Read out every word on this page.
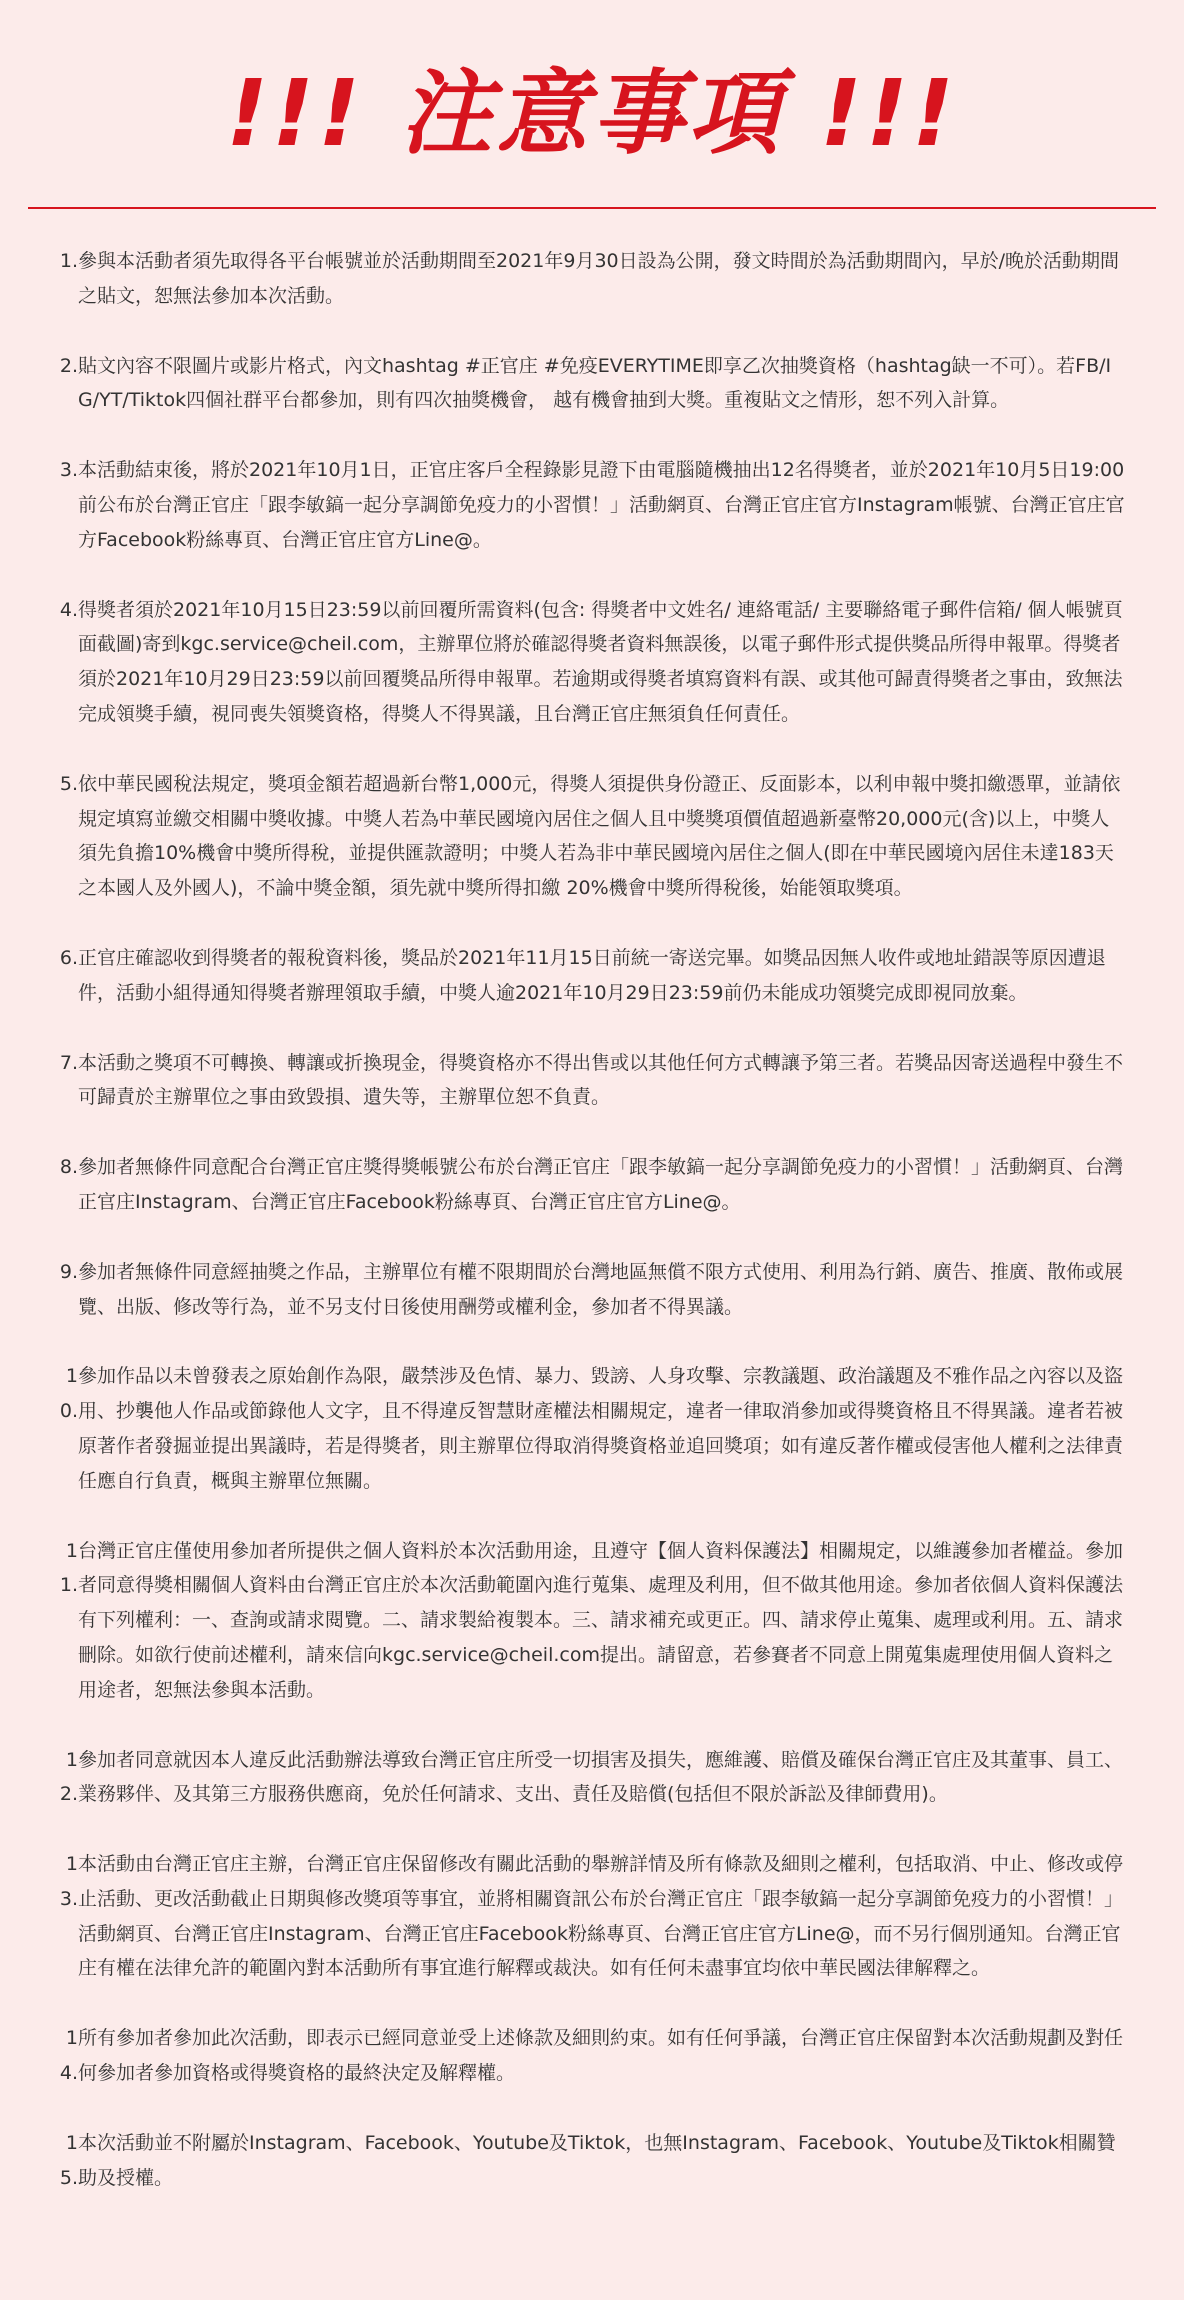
!!! 注意事項 !!!
1. 參與本活動者須先取得各平台帳號並於活動期間至2021年9月30日設為公開，發文時間於為活動期間內，早於/晚於活動期間之貼文，恕無法參加本次活動。
2. 貼文內容不限圖片或影片格式，內文hashtag #正官庄 #免疫EVERYTIME即享乙次抽獎資格（hashtag缺一不可）。若FB/IG/YT/Tiktok四個社群平台都參加，則有四次抽獎機會， 越有機會抽到大獎。重複貼文之情形，恕不列入計算。
3. 本活動結束後，將於2021年10月1日，正官庄客戶全程錄影見證下由電腦隨機抽出12名得獎者，並於2021年10月5日19:00前公布於台灣正官庄「跟李敏鎬一起分享調節免疫力的小習慣！」活動網頁、台灣正官庄官方Instagram帳號、台灣正官庄官方Facebook粉絲專頁、台灣正官庄官方Line@。
4. 得獎者須於2021年10月15日23:59以前回覆所需資料(包含: 得獎者中文姓名/ 連絡電話/ 主要聯絡電子郵件信箱/ 個人帳號頁面截圖)寄到kgc.service@cheil.com，主辦單位將於確認得獎者資料無誤後，以電子郵件形式提供獎品所得申報單。得獎者須於2021年10月29日23:59以前回覆獎品所得申報單。若逾期或得獎者填寫資料有誤、或其他可歸責得獎者之事由，致無法完成領獎手續，視同喪失領獎資格，得獎人不得異議，且台灣正官庄無須負任何責任。
5. 依中華民國稅法規定，獎項金額若超過新台幣1,000元，得獎人須提供身份證正、反面影本，以利申報中獎扣繳憑單，並請依規定填寫並繳交相關中獎收據。中獎人若為中華民國境內居住之個人且中獎獎項價值超過新臺幣20,000元(含)以上，中獎人須先負擔10%機會中獎所得稅，並提供匯款證明；中獎人若為非中華民國境內居住之個人(即在中華民國境內居住未達183天之本國人及外國人)，不論中獎金額，須先就中獎所得扣繳 20%機會中獎所得稅後，始能領取獎項。
6. 正官庄確認收到得獎者的報稅資料後，獎品於2021年11月15日前統一寄送完畢。如獎品因無人收件或地址錯誤等原因遭退件，活動小組得通知得獎者辦理領取手續，中獎人逾2021年10月29日23:59前仍未能成功領獎完成即視同放棄。
7. 本活動之獎項不可轉換、轉讓或折換現金，得獎資格亦不得出售或以其他任何方式轉讓予第三者。若獎品因寄送過程中發生不可歸責於主辦單位之事由致毀損、遺失等，主辦單位恕不負責。
8. 參加者無條件同意配合台灣正官庄獎得獎帳號公布於台灣正官庄「跟李敏鎬一起分享調節免疫力的小習慣！」活動網頁、台灣正官庄Instagram、台灣正官庄Facebook粉絲專頁、台灣正官庄官方Line@。
9. 參加者無條件同意經抽獎之作品，主辦單位有權不限期間於台灣地區無償不限方式使用、利用為行銷、廣告、推廣、散佈或展覽、出版、修改等行為，並不另支付日後使用酬勞或權利金，參加者不得異議。
10.
參加作品以未曾發表之原始創作為限，嚴禁涉及色情、暴力、毀謗、人身攻擊、宗教議題、政治議題及不雅作品之內容以及盜用、抄襲他人作品或節錄他人文字，且不得違反智慧財產權法相關規定，違者一律取消參加或得獎資格且不得異議。違者若被原著作者發掘並提出異議時，若是得獎者，則主辦單位得取消得獎資格並追回獎項；如有違反著作權或侵害他人權利之法律責任應自行負責，概與主辦單位無關。
11.
台灣正官庄僅使用參加者所提供之個人資料於本次活動用途，且遵守【個人資料保護法】相關規定，以維護參加者權益。參加者同意得獎相關個人資料由台灣正官庄於本次活動範圍內進行蒐集、處理及利用，但不做其他用途。參加者依個人資料保護法有下列權利：一、查詢或請求閱覽。二、請求製給複製本。三、請求補充或更正。四、請求停止蒐集、處理或利用。五、請求刪除。如欲行使前述權利，請來信向kgc.service@cheil.com提出。請留意，若參賽者不同意上開蒐集處理使用個人資料之用途者，恕無法參與本活動。
12.
參加者同意就因本人違反此活動辦法導致台灣正官庄所受一切損害及損失，應維護、賠償及確保台灣正官庄及其董事、員工、業務夥伴、及其第三方服務供應商，免於任何請求、支出、責任及賠償(包括但不限於訴訟及律師費用)。
13.
本活動由台灣正官庄主辦，台灣正官庄保留修改有關此活動的舉辦詳情及所有條款及細則之權利，包括取消、中止、修改或停止活動、更改活動截止日期與修改獎項等事宜，並將相關資訊公布於台灣正官庄「跟李敏鎬一起分享調節免疫力的小習慣！」活動網頁、台灣正官庄Instagram、台灣正官庄Facebook粉絲專頁、台灣正官庄官方Line@，而不另行個別通知。台灣正官庄有權在法律允許的範圍內對本活動所有事宜進行解釋或裁決。如有任何未盡事宜均依中華民國法律解釋之。
14.
所有參加者參加此次活動，即表示已經同意並受上述條款及細則約束。如有任何爭議，台灣正官庄保留對本次活動規劃及對任何參加者參加資格或得獎資格的最終決定及解釋權。
15.
本次活動並不附屬於Instagram、Facebook、Youtube及Tiktok，也無Instagram、Facebook、Youtube及Tiktok相關贊助及授權。
